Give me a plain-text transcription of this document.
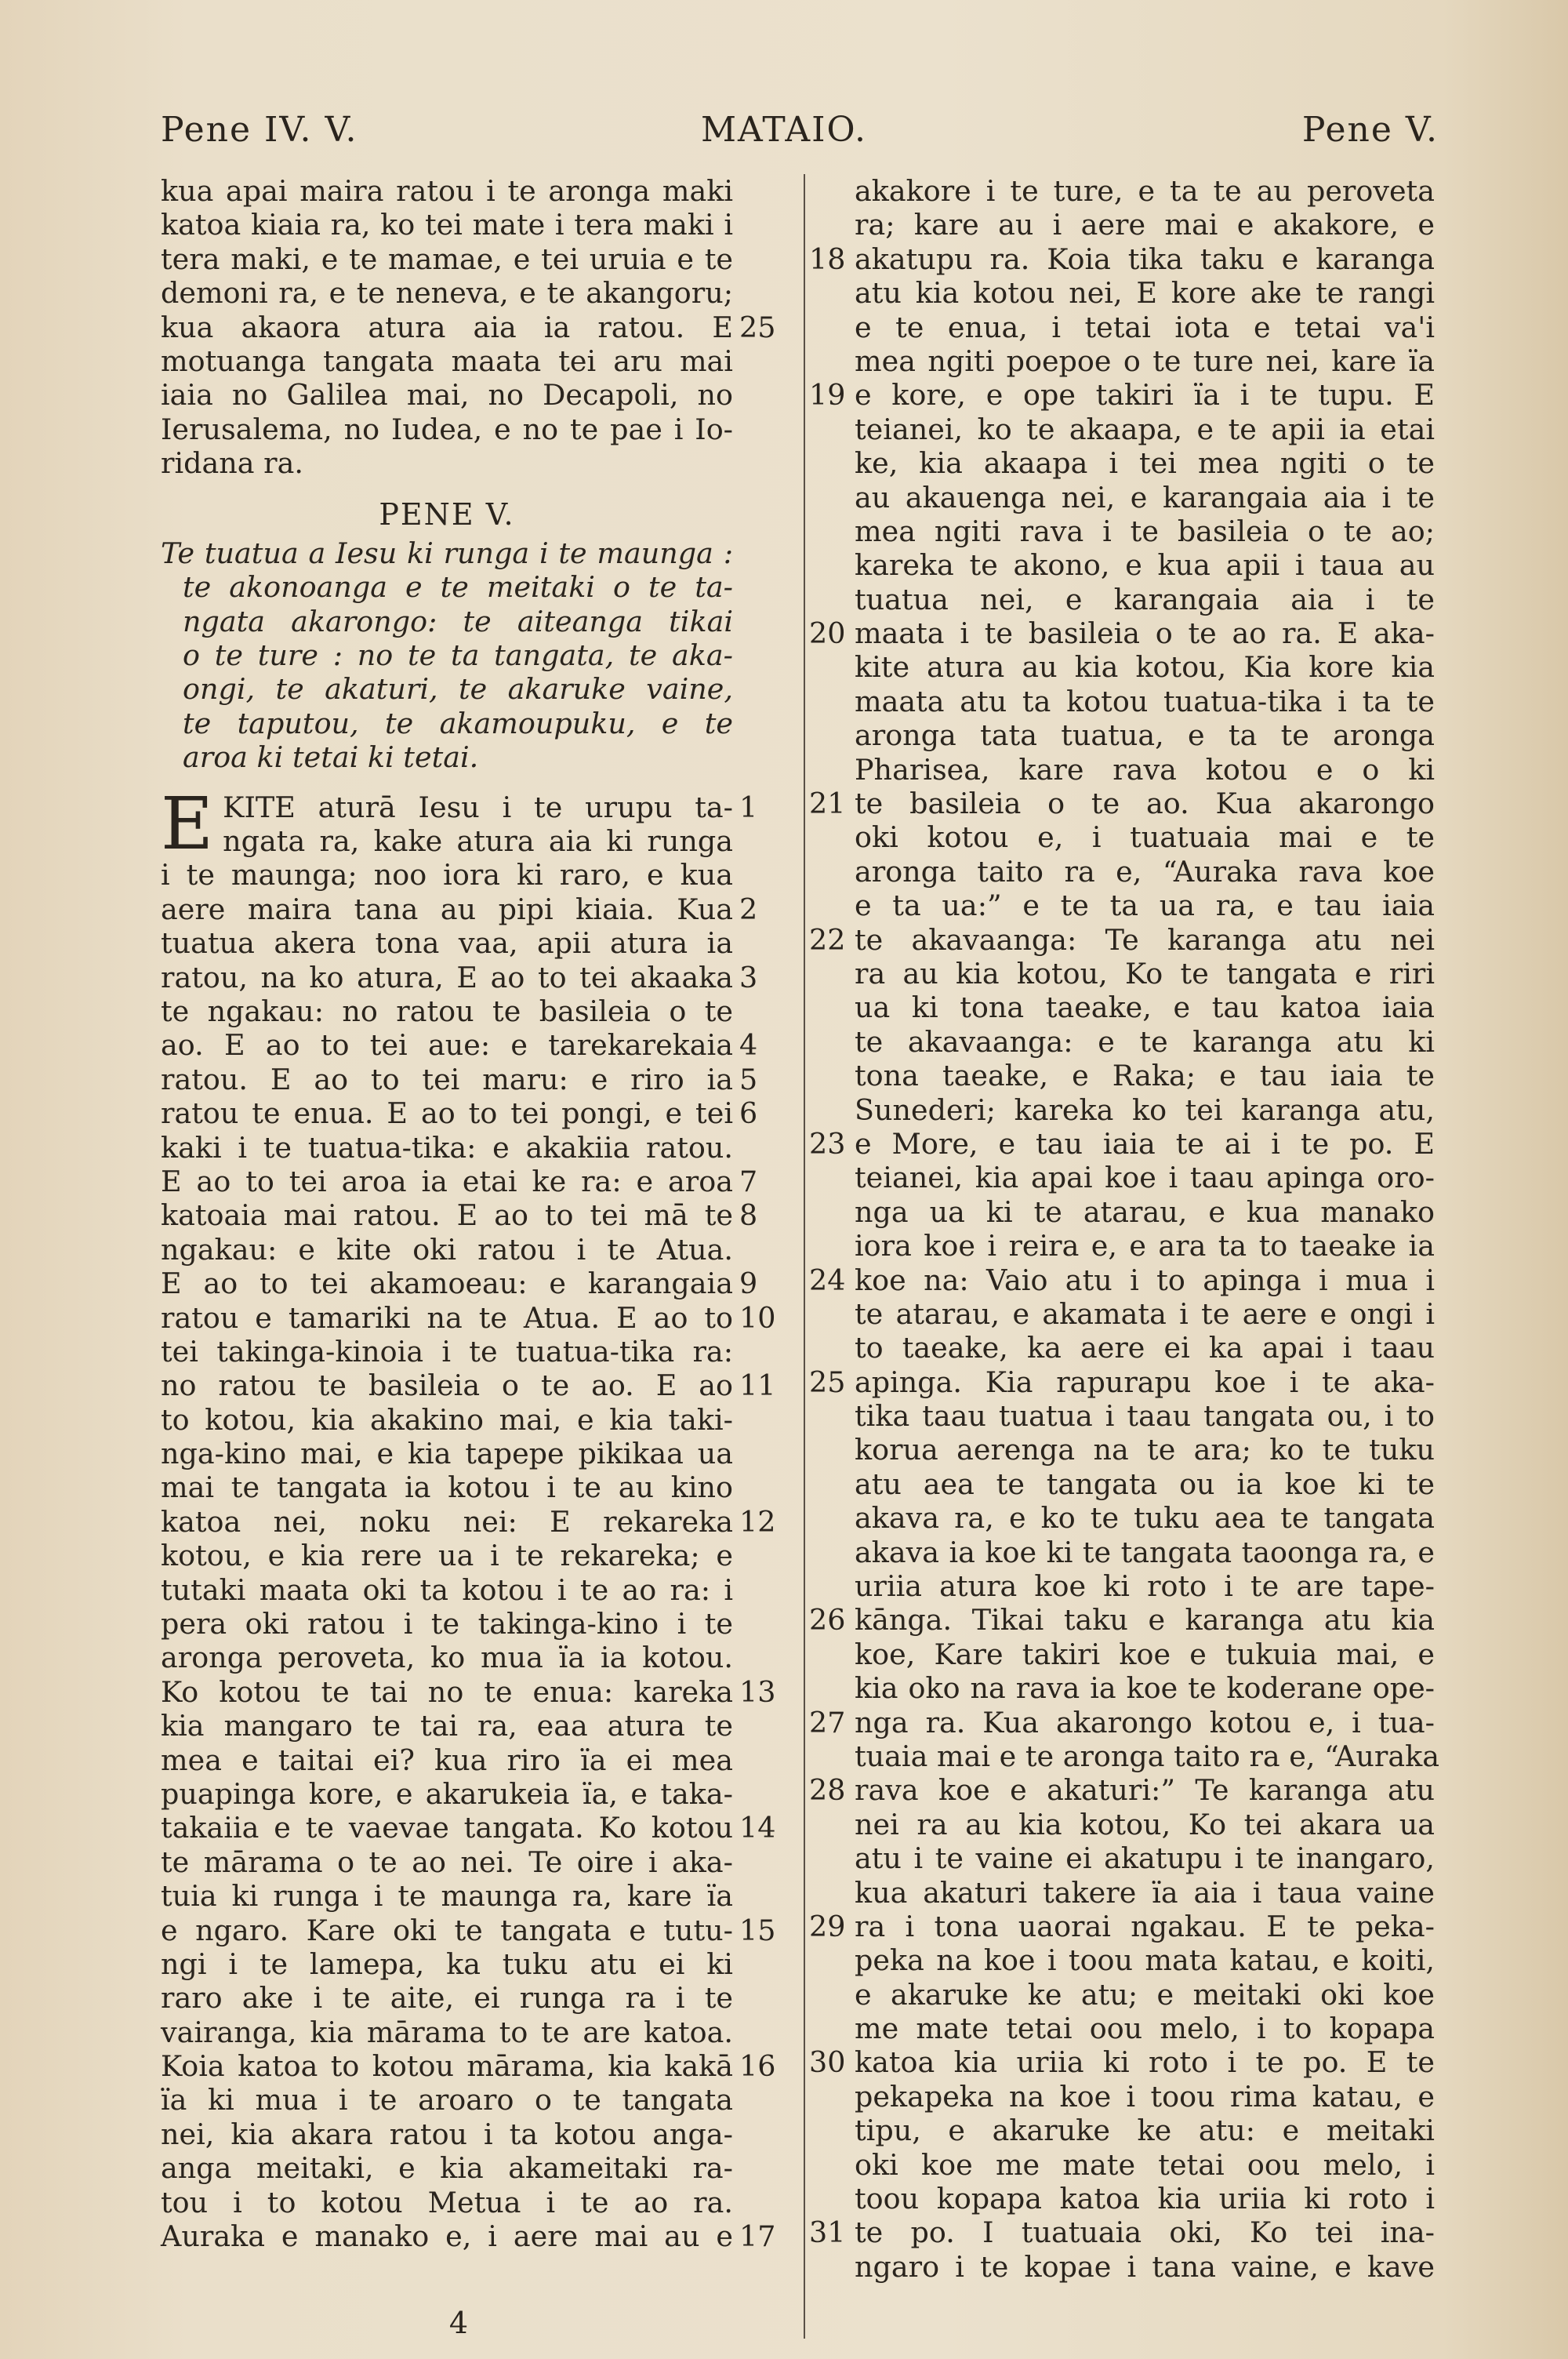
Pene IV. V.	MATAIO.	Pene V.
kua apai maira ratou i te aronga maki
katoa kiaia ra, ko tei mate i tera maki i
tera maki, e te mamae, e tei uruia e te
demoni ra, e te neneva, e te akangoru;
kua akaora atura aia ia ratou. E 25
motuanga tangata maata tei aru mai
iaia no Galilea mai, no Decapoli, no
Ierusalema, no Iudea, e no te pae i Io-
ridana ra.
PENE V.
Te tuatua a Iesu ki runga i te maunga :
te akonoanga e te meitaki o te ta-
ngata akarongo: te aiteanga tikai
o te ture : no te ta tangata, te aka-
ongi, te akaturi, te akaruke vaine,
te taputou, te akamoupuku, e te
aroa ki tetai ki tetai.
E KITE aturā Iesu i te urupu ta- 1
ngata ra, kake atura aia ki runga
i te maunga; noo iora ki raro, e kua
aere maira tana au pipi kiaia. Kua 2
tuatua akera tona vaa, apii atura ia
ratou, na ko atura, E ao to tei akaaka 3
te ngakau: no ratou te basileia o te
ao. E ao to tei aue: e tarekarekaia 4
ratou. E ao to tei maru: e riro ia 5
ratou te enua. E ao to tei pongi, e tei 6
kaki i te tuatua-tika: e akakiia ratou.
E ao to tei aroa ia etai ke ra: e aroa 7
katoaia mai ratou. E ao to tei mā te 8
ngakau: e kite oki ratou i te Atua.
E ao to tei akamoeau: e karangaia 9
ratou e tamariki na te Atua. E ao to 10
tei takinga-kinoia i te tuatua-tika ra:
no ratou te basileia o te ao. E ao 11
to kotou, kia akakino mai, e kia taki-
nga-kino mai, e kia tapepe pikikaa ua
mai te tangata ia kotou i te au kino
katoa nei, noku nei: E rekareka 12
kotou, e kia rere ua i te rekareka; e
tutaki maata oki ta kotou i te ao ra: i
pera oki ratou i te takinga-kino i te
aronga peroveta, ko mua ïa ia kotou.
Ko kotou te tai no te enua: kareka 13
kia mangaro te tai ra, eaa atura te
mea e taitai ei? kua riro ïa ei mea
puapinga kore, e akarukeia ïa, e taka-
takaiia e te vaevae tangata. Ko kotou 14
te mārama o te ao nei. Te oire i aka-
tuia ki runga i te maunga ra, kare ïa
e ngaro. Kare oki te tangata e tutu- 15
ngi i te lamepa, ka tuku atu ei ki
raro ake i te aite, ei runga ra i te
vairanga, kia mārama to te are katoa.
Koia katoa to kotou mārama, kia kakā 16
ïa ki mua i te aroaro o te tangata
nei, kia akara ratou i ta kotou anga-
anga meitaki, e kia akameitaki ra-
tou i to kotou Metua i te ao ra.
Auraka e manako e, i aere mai au e 17
akakore i te ture, e ta te au peroveta
ra; kare au i aere mai e akakore, e
akatupu ra. Koia tika taku e karanga
18
atu kia kotou nei, E kore ake te rangi
e te enua, i tetai iota e tetai va'i
mea ngiti poepoe o te ture nei, kare ïa
e kore, e ope takiri ïa i te tupu. E
19
teianei, ko te akaapa, e te apii ia etai
ke, kia akaapa i tei mea ngiti o te
au akauenga nei, e karangaia aia i te
mea ngiti rava i te basileia o te ao;
kareka te akono, e kua apii i taua au
tuatua nei, e karangaia aia i te
maata i te basileia o te ao ra. E aka-
20
kite atura au kia kotou, Kia kore kia
maata atu ta kotou tuatua-tika i ta te
aronga tata tuatua, e ta te aronga
Pharisea, kare rava kotou e o ki
te basileia o te ao. Kua akarongo
21
oki kotou e, i tuatuaia mai e te
aronga taito ra e, “Auraka rava koe
e ta ua:” e te ta ua ra, e tau iaia
te akavaanga: Te karanga atu nei
22
ra au kia kotou, Ko te tangata e riri
ua ki tona taeake, e tau katoa iaia
te akavaanga: e te karanga atu ki
tona taeake, e Raka; e tau iaia te
Sunederi; kareka ko tei karanga atu,
e More, e tau iaia te ai i te po. E
23
teianei, kia apai koe i taau apinga oro-
nga ua ki te atarau, e kua manako
iora koe i reira e, e ara ta to taeake ia
koe na: Vaio atu i to apinga i mua i
24
te atarau, e akamata i te aere e ongi i
to taeake, ka aere ei ka apai i taau
apinga. Kia rapurapu koe i te aka-
25
tika taau tuatua i taau tangata ou, i to
korua aerenga na te ara; ko te tuku
atu aea te tangata ou ia koe ki te
akava ra, e ko te tuku aea te tangata
akava ia koe ki te tangata taoonga ra, e
uriia atura koe ki roto i te are tape-
kānga. Tikai taku e karanga atu kia
26
koe, Kare takiri koe e tukuia mai, e
kia oko na rava ia koe te koderane ope-
nga ra. Kua akarongo kotou e, i tua-
27
tuaia mai e te aronga taito ra e, “Auraka
rava koe e akaturi:” Te karanga atu
28
nei ra au kia kotou, Ko tei akara ua
atu i te vaine ei akatupu i te inangaro,
kua akaturi takere ïa aia i taua vaine
ra i tona uaorai ngakau. E te peka-
29
peka na koe i toou mata katau, e koiti,
e akaruke ke atu; e meitaki oki koe
me mate tetai oou melo, i to kopapa
katoa kia uriia ki roto i te po. E te
30
pekapeka na koe i toou rima katau, e
tipu, e akaruke ke atu: e meitaki
oki koe me mate tetai oou melo, i
toou kopapa katoa kia uriia ki roto i
te po. I tuatuaia oki, Ko tei ina-
31
ngaro i te kopae i tana vaine, e kave
4
